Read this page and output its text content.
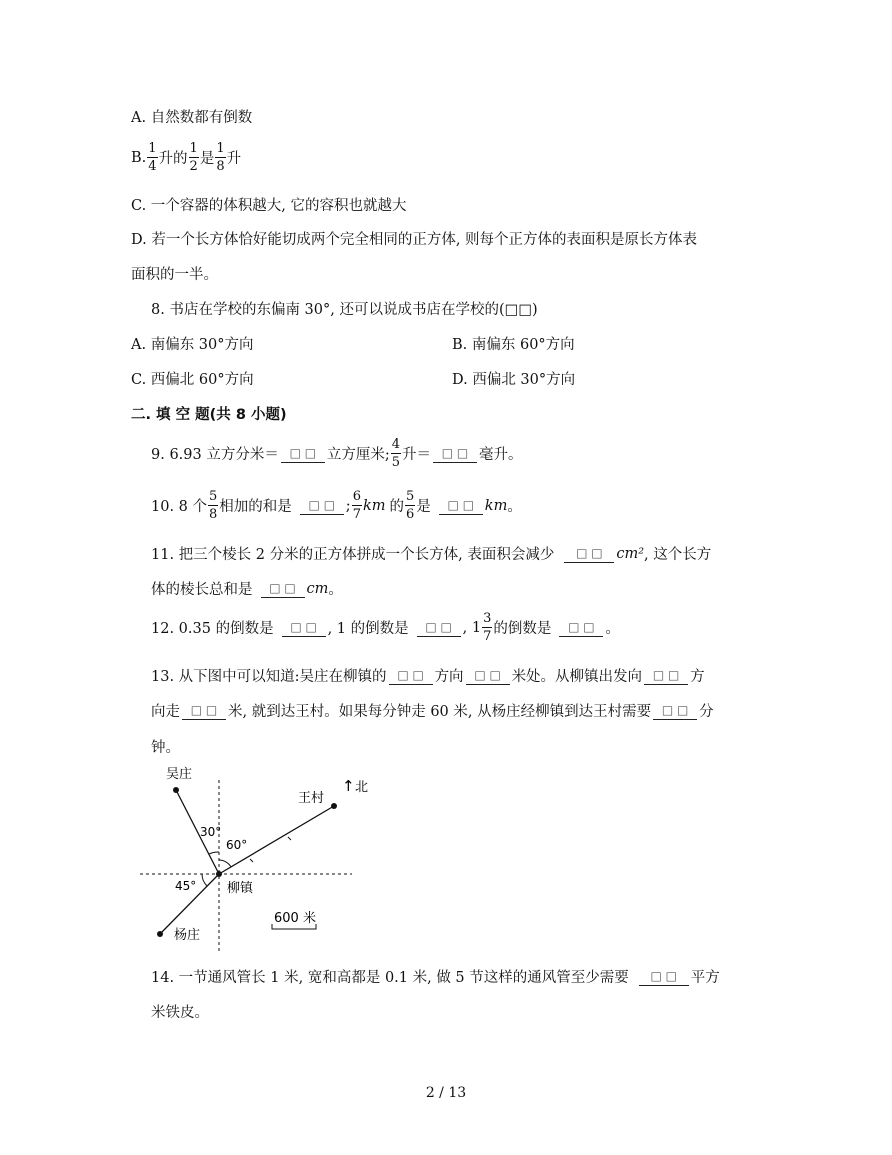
A. 自然数都有倒数
B. $\frac{1}{4}$ 升的 $\frac{1}{2}$ 是 $\frac{1}{8}$ 升
C. 一个容器的体积越大, 它的容积也就越大
D. 若一个长方体恰好能切成两个完全相同的正方体, 则每个正方体的表面积是原长方体表
面积的一半。
8. 书店在学校的东偏南 30°, 还可以说成书店在学校的(□□)
A. 南偏东 30°方向	B. 南偏东 60°方向
C. 西偏北 60°方向	D. 西偏北 30°方向
二. 填 空 题(共 8 小题)
9. 6.93 立方分米＝ □ □ 立方厘米; $\frac{4}{5}$ 升＝ □ □ 毫升。
10. 8 个 $\frac{5}{8}$ 相加的和是	□ □ ; $\frac{6}{7}$ km 的 $\frac{5}{6}$ 是	□ □ km 。
11. 把三个棱长 2 分米的正方体拼成一个长方体, 表面积会减少	□ □ cm² , 这个长方
体的棱长总和是	□ □ cm 。
12. 0.35 的倒数是	□ □ , 1 的倒数是	□ □ , $1 \frac{3}{7}$ 的倒数是	□ □ 。
13. 从下图中可以知道:吴庄在柳镇的 □ □ 方向 □ □ 米处。从柳镇出发向 □ □ 方
向走 □ □ 米, 就到达王村。如果每分钟走 60 米, 从杨庄经柳镇到达王村需要 □ □ 分
钟。
吴庄
王村
↑ 北
30°
60°
45° 柳镇
杨庄
600 米
14. 一节通风管长 1 米, 宽和高都是 0.1 米, 做 5 节这样的通风管至少需要	□ □ 平方
米铁皮。
2 / 13
